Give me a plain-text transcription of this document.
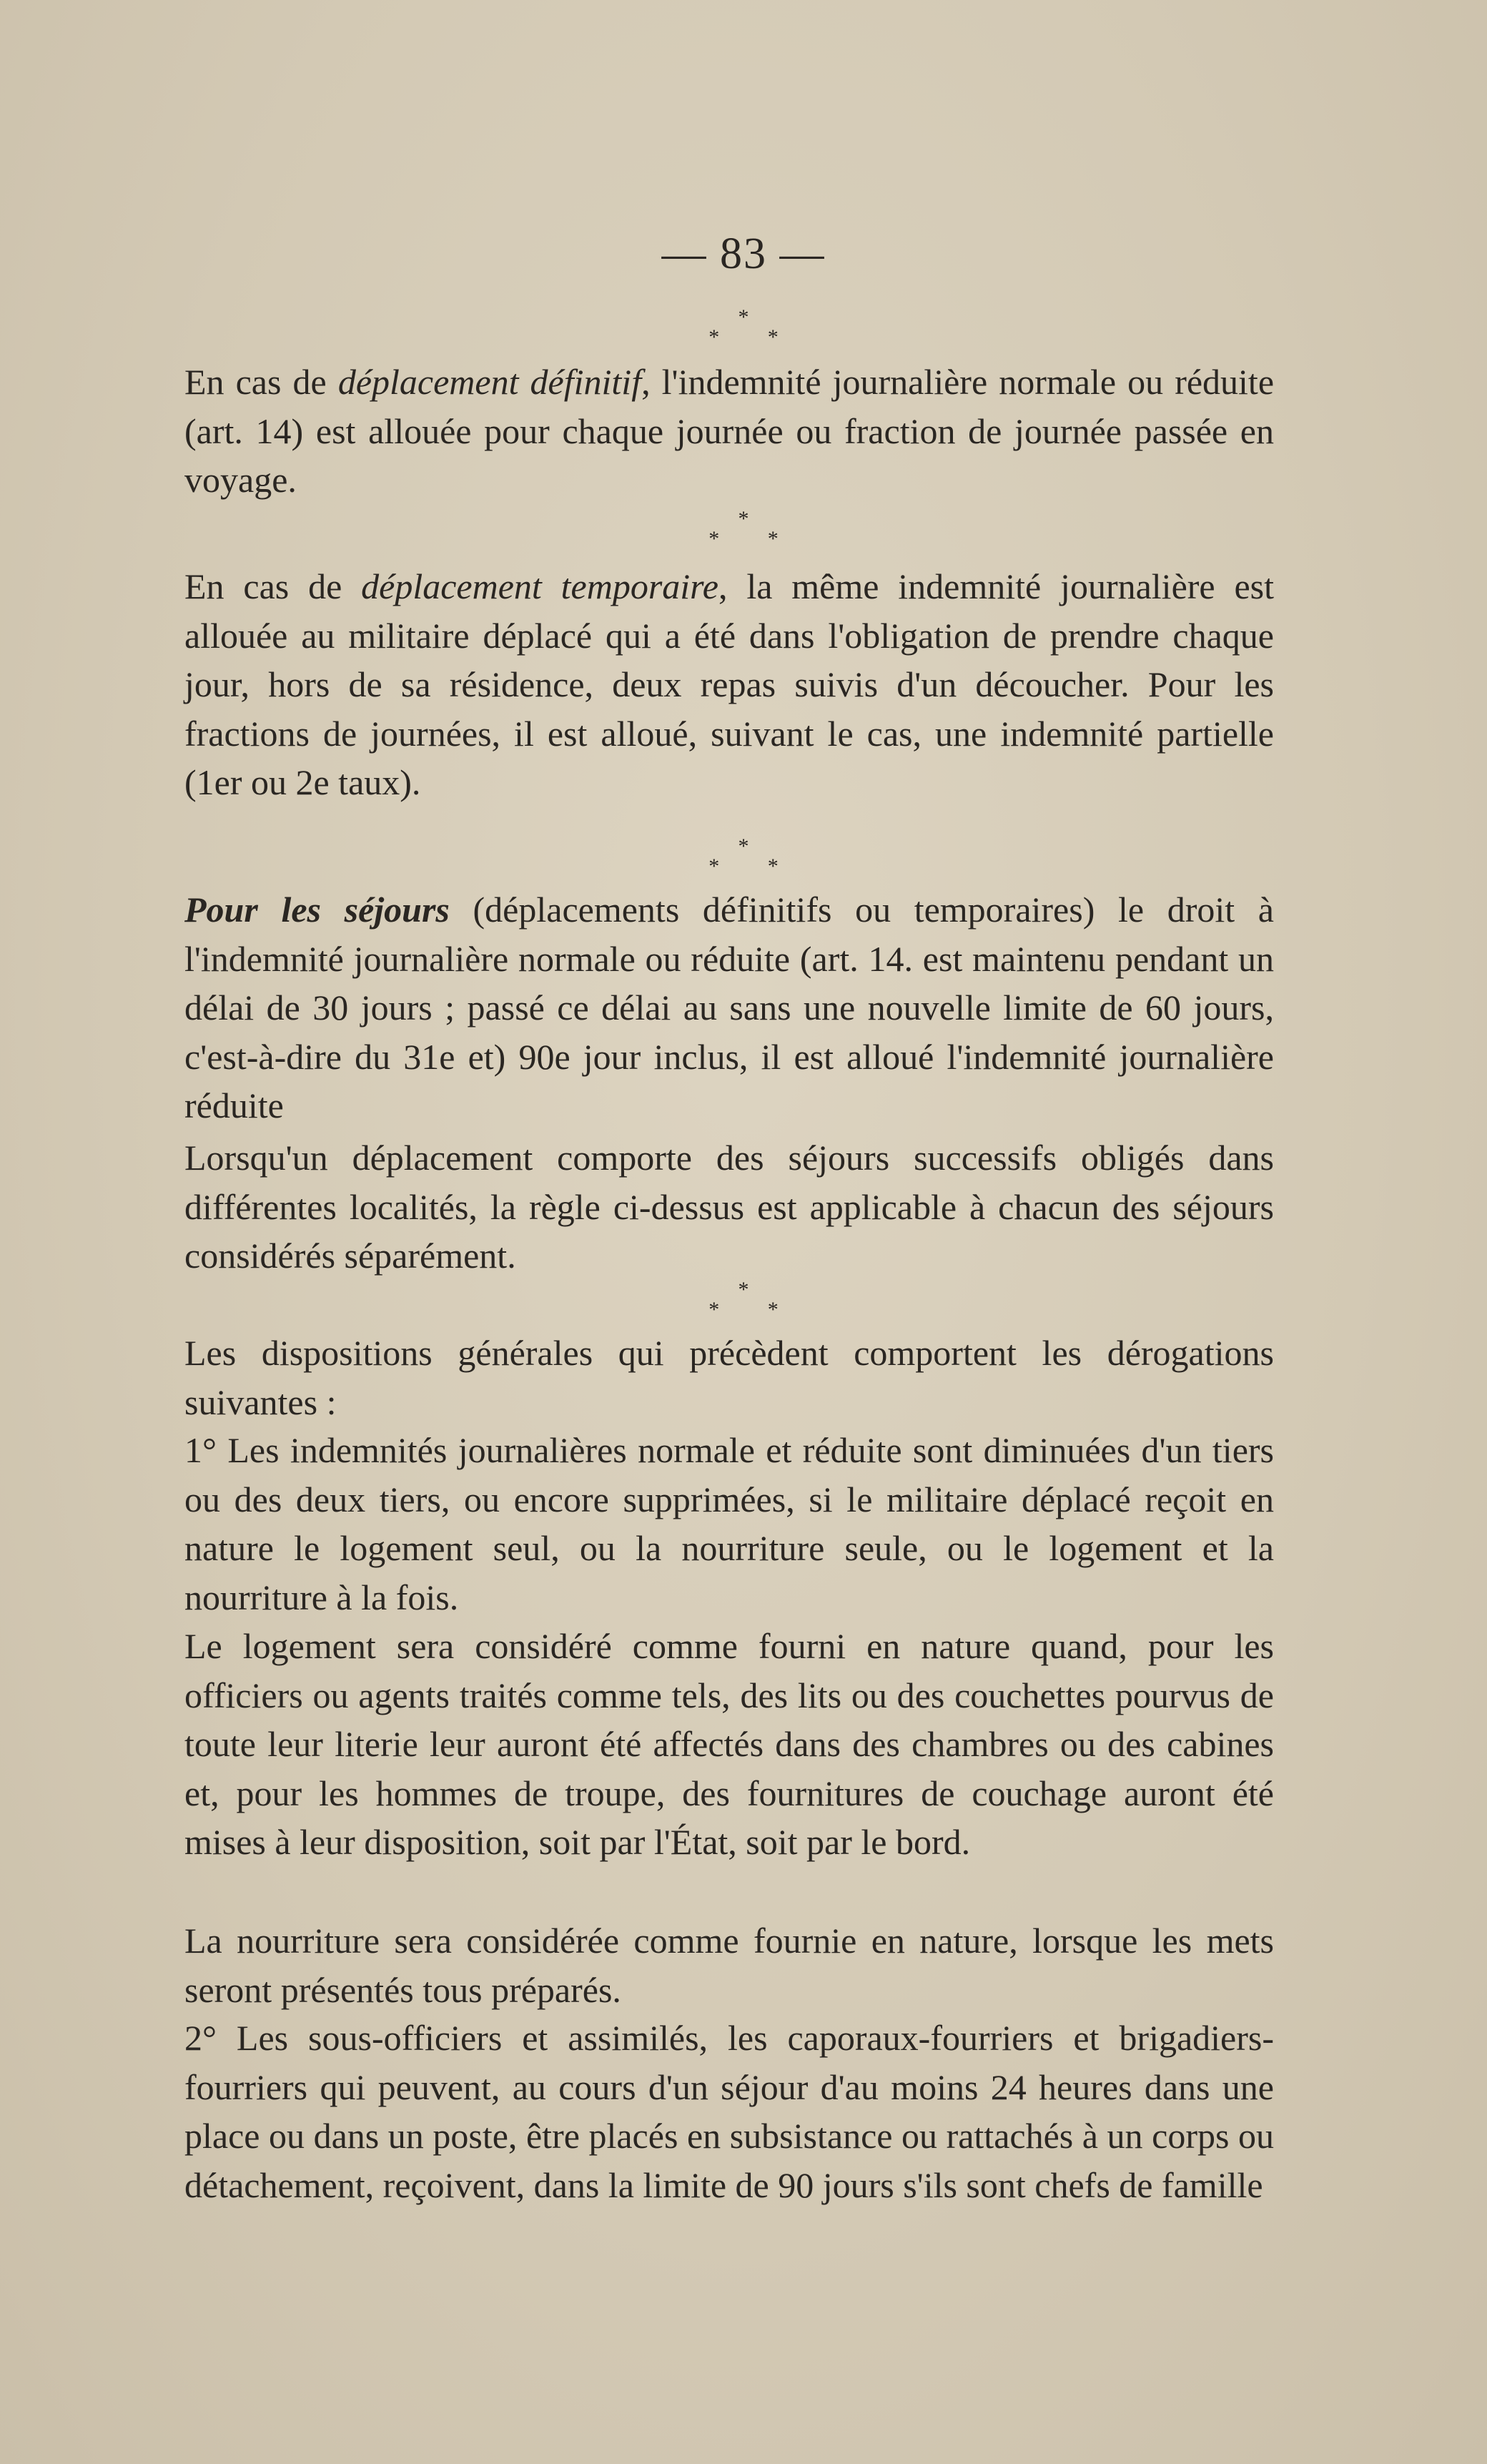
— 83 —
*
* *

En cas de déplacement définitif, l'indemnité journalière normale ou réduite (art. 14) est allouée pour chaque journée ou fraction de journée passée en voyage.

*
* *

En cas de déplacement temporaire, la même indemnité journalière est allouée au militaire déplacé qui a été dans l'obligation de prendre chaque jour, hors de sa résidence, deux repas suivis d'un découcher. Pour les fractions de journées, il est alloué, suivant le cas, une indemnité partielle (1er ou 2e taux).

*
* *

Pour les séjours (déplacements définitifs ou temporaires) le droit à l'indemnité journalière normale ou réduite (art. 14. est maintenu pendant un délai de 30 jours ; passé ce délai au sans une nouvelle limite de 60 jours, c'est-à-dire du 31e et) 90e jour inclus, il est alloué l'indemnité journalière réduite

Lorsqu'un déplacement comporte des séjours successifs obligés dans différentes localités, la règle ci-dessus est applicable à chacun des séjours considérés séparément.

*
* *

Les dispositions générales qui précèdent comportent les dérogations suivantes :

1° Les indemnités journalières normale et réduite sont diminuées d'un tiers ou des deux tiers, ou encore supprimées, si le militaire déplacé reçoit en nature le logement seul, ou la nourriture seule, ou le logement et la nourriture à la fois.

Le logement sera considéré comme fourni en nature quand, pour les officiers ou agents traités comme tels, des lits ou des couchettes pourvus de toute leur literie leur auront été affectés dans des chambres ou des cabines et, pour les hommes de troupe, des fournitures de couchage auront été mises à leur disposition, soit par l'État, soit par le bord.

La nourriture sera considérée comme fournie en nature, lorsque les mets seront présentés tous préparés.

2° Les sous-officiers et assimilés, les caporaux-fourriers et brigadiers-fourriers qui peuvent, au cours d'un séjour d'au moins 24 heures dans une place ou dans un poste, être placés en subsistance ou rattachés à un corps ou détachement, reçoivent, dans la limite de 90 jours s'ils sont chefs de famille
